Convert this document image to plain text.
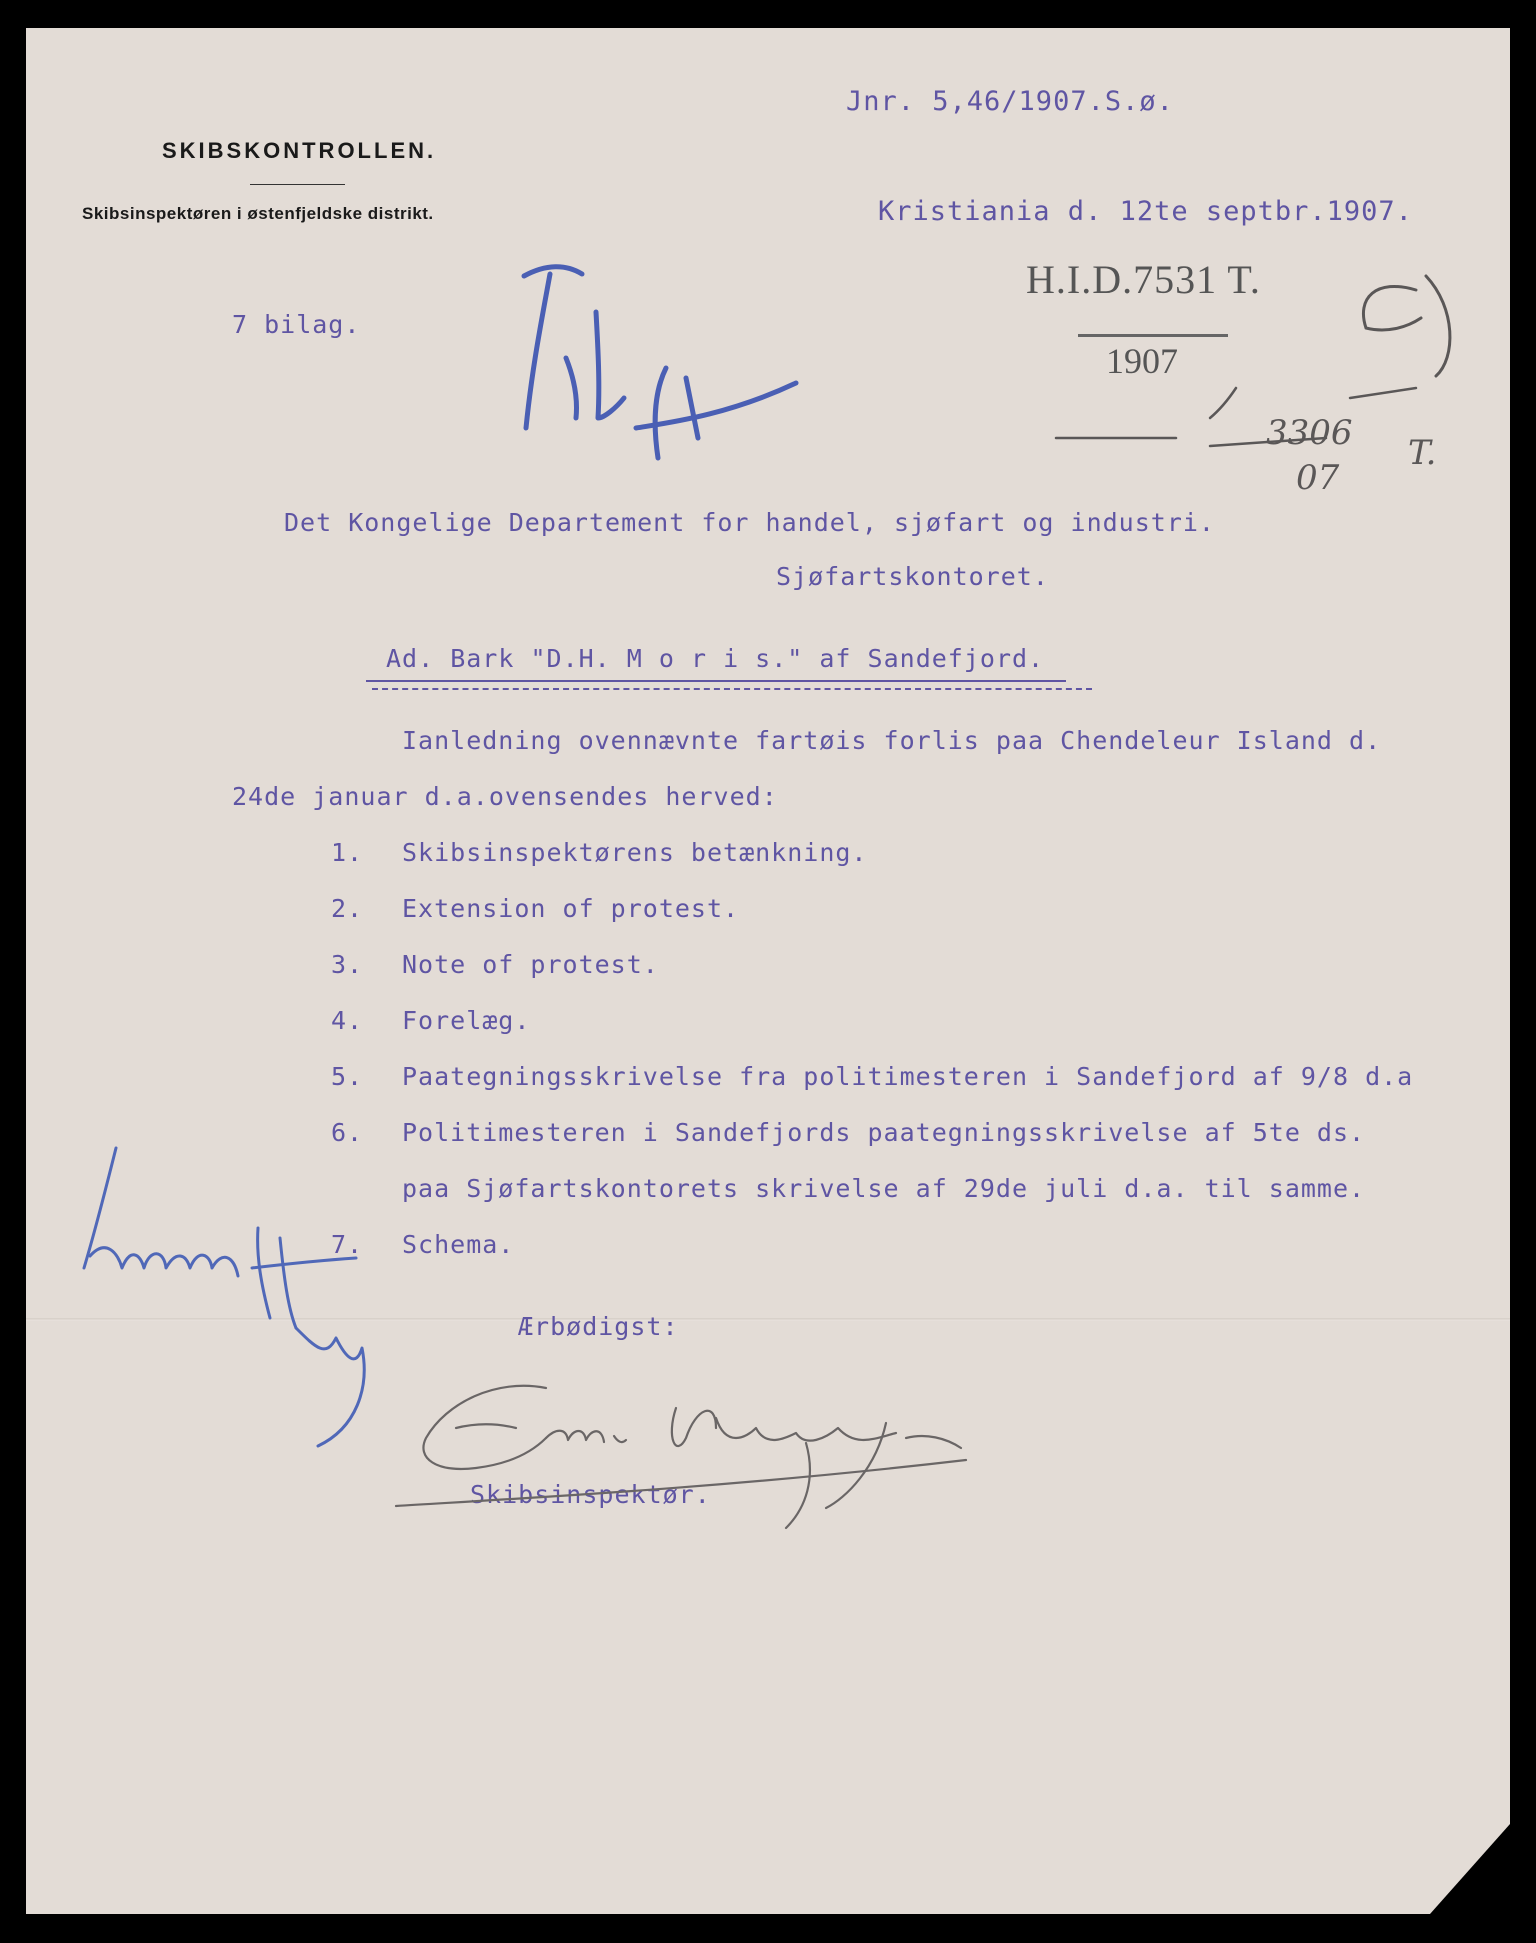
SKIBSKONTROLLEN.

Skibsinspektøren i østenfjeldske distrikt.

Jnr. 5,46/1907.S.ø.

Kristiania d. 12te septbr.1907.

7 bilag.

H.I.D.7531 T.

1907

3306

07

T.

Det Kongelige Departement for handel, sjøfart og industri.

Sjøfartskontoret.

Ad. Bark "D.H. M o r i s." af Sandefjord.

Ianledning ovennævnte fartøis forlis paa Chendeleur Island d.

24de januar d.a.ovensendes herved:

1. Skibsinspektørens betænkning.

2. Extension of protest.

3. Note of protest.

4. Forelæg.

5. Paategningsskrivelse fra politimesteren i Sandefjord af 9/8 d.a

6. Politimesteren i Sandefjords paategningsskrivelse af 5te ds.

paa Sjøfartskontorets skrivelse af 29de juli d.a. til samme.

7. Schema.

Ærbødigst:

Skibsinspektør.
